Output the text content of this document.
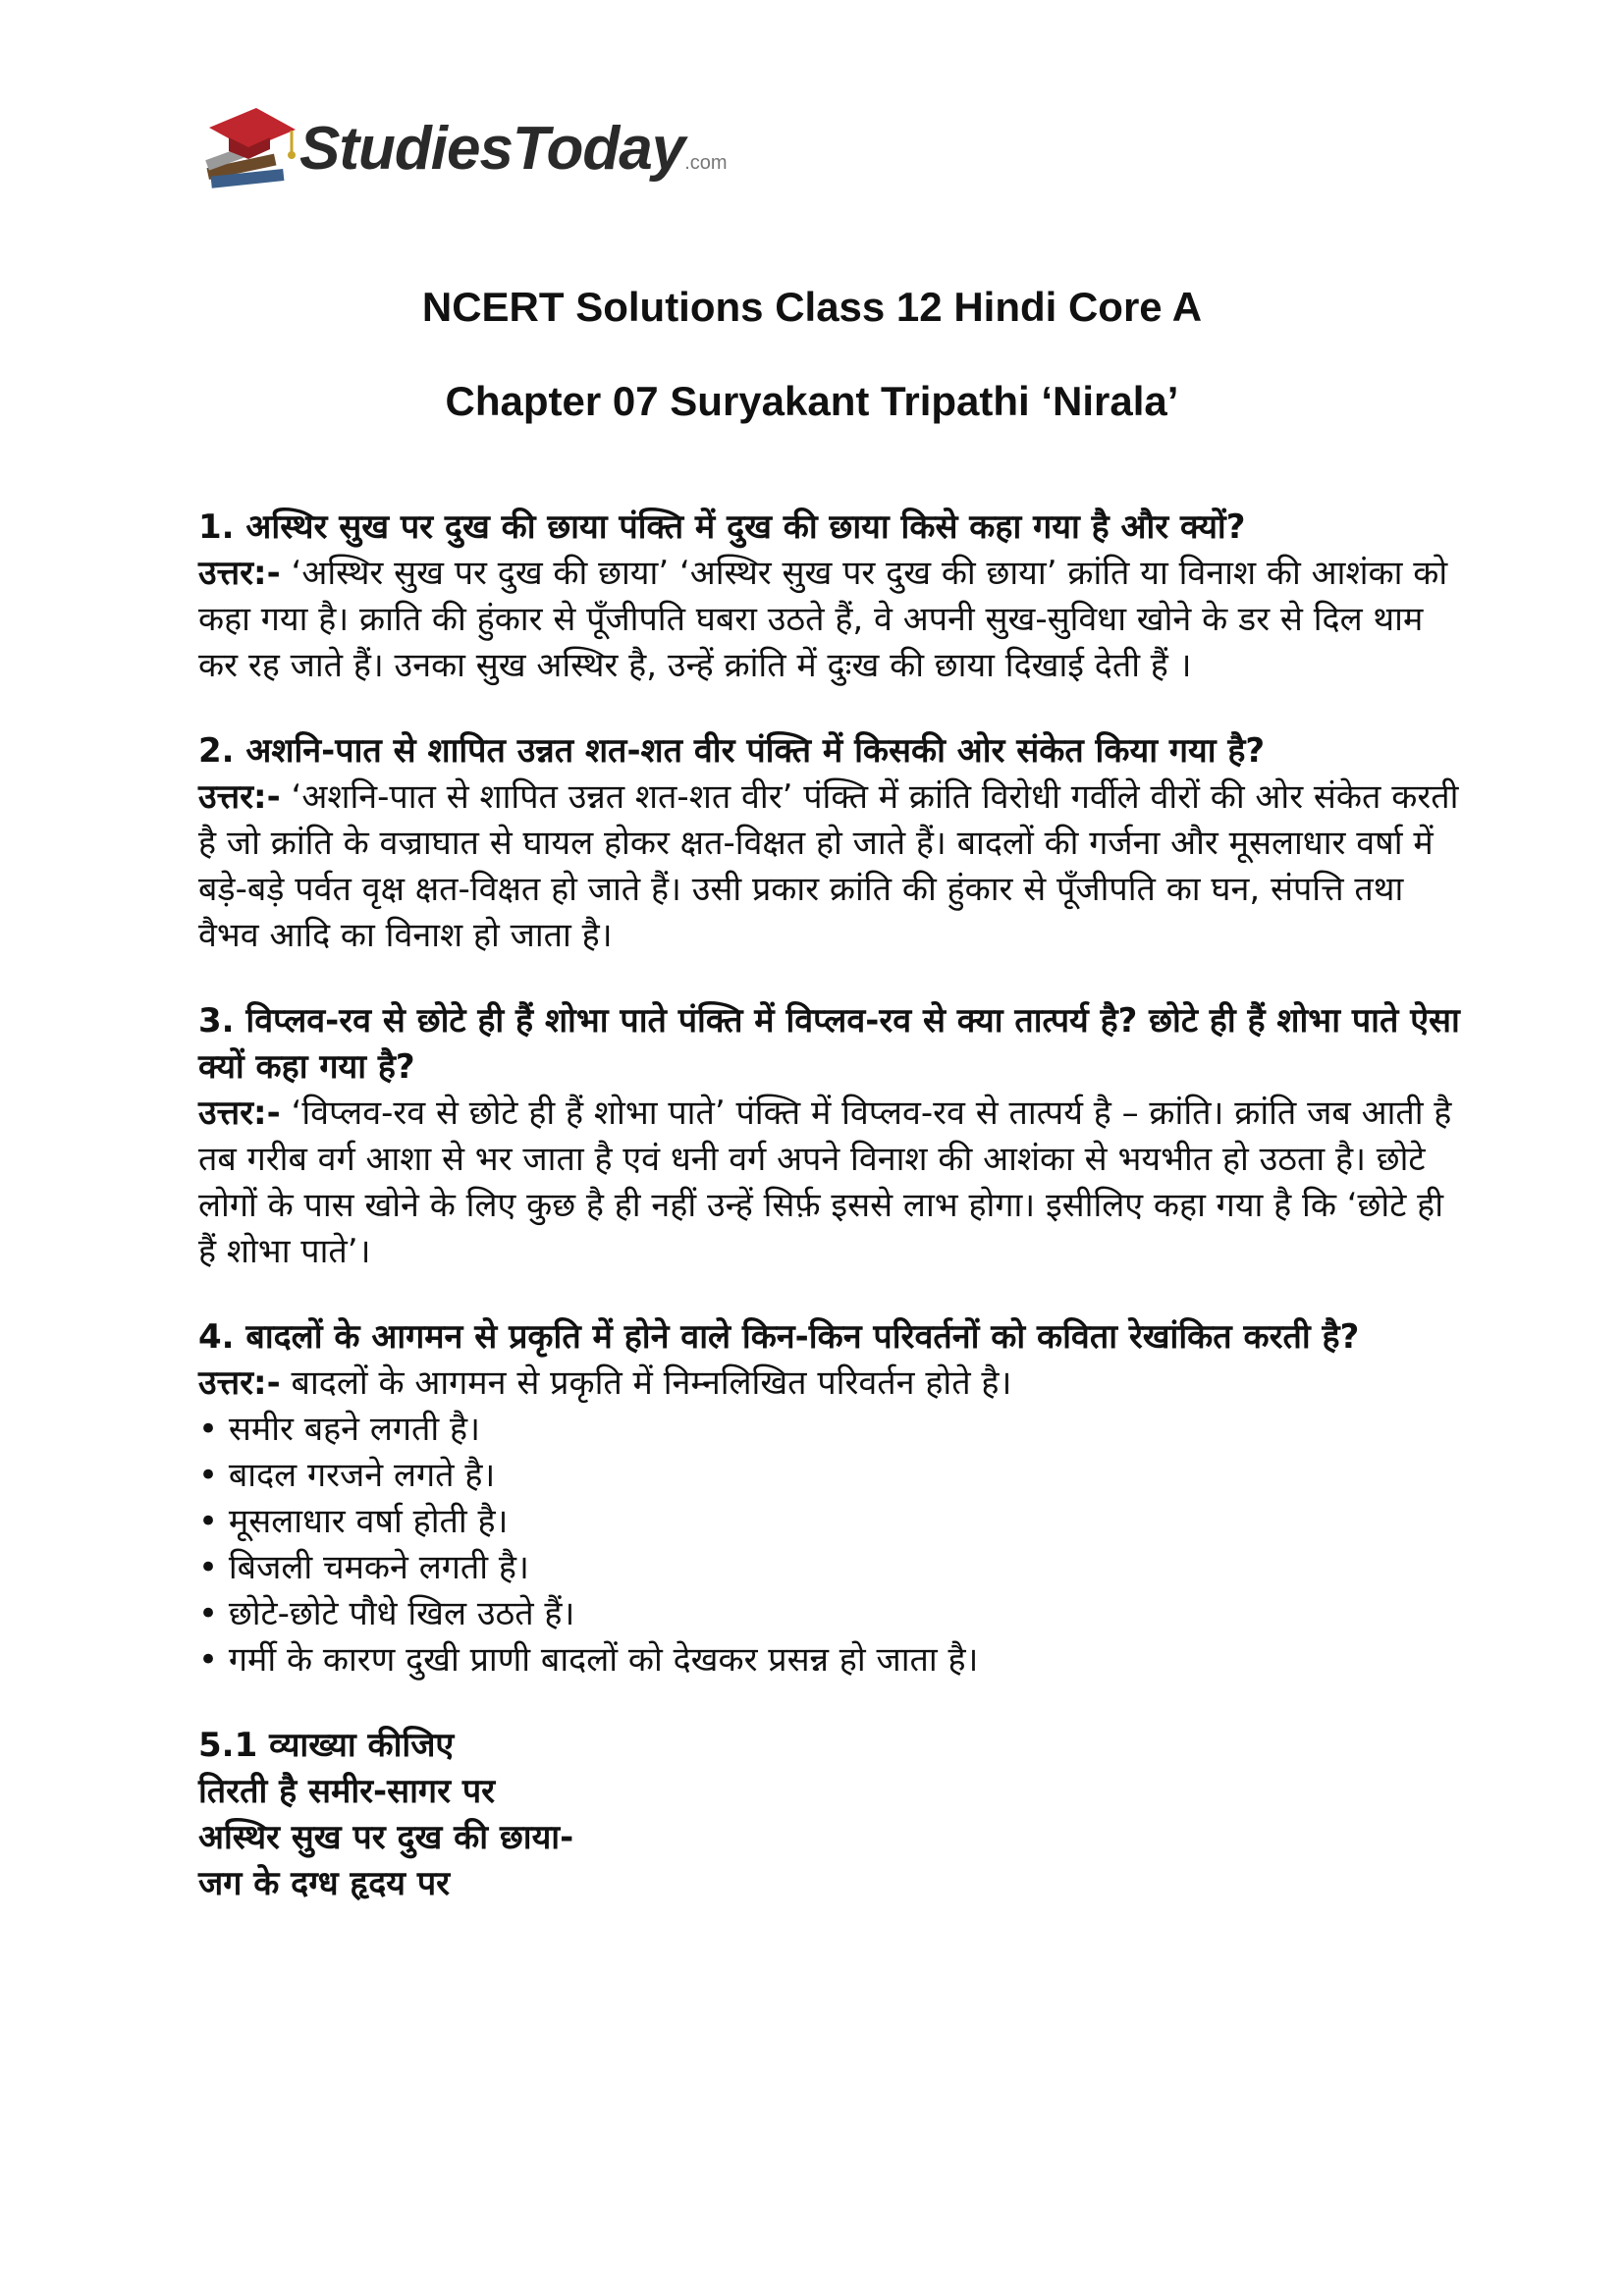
StudiesToday.com
NCERT Solutions Class 12 Hindi Core A
Chapter 07 Suryakant Tripathi ‘Nirala’
1. अस्थिर सुख पर दुख की छाया पंक्ति में दुख की छाया किसे कहा गया है और क्यों?
उत्तर:- ‘अस्थिर सुख पर दुख की छाया’ ‘अस्थिर सुख पर दुख की छाया’ क्रांति या विनाश की आशंका को कहा गया है। क्राति की हुंकार से पूँजीपति घबरा उठते हैं, वे अपनी सुख-सुविधा खोने के डर से दिल थाम कर रह जाते हैं। उनका सुख अस्थिर है, उन्हें क्रांति में दुःख की छाया दिखाई देती हैं ।
2. अशनि-पात से शापित उन्नत शत-शत वीर पंक्ति में किसकी ओर संकेत किया गया है?
उत्तर:- ‘अशनि-पात से शापित उन्नत शत-शत वीर’ पंक्ति में क्रांति विरोधी गर्वीले वीरों की ओर संकेत करती है जो क्रांति के वज्राघात से घायल होकर क्षत-विक्षत हो जाते हैं। बादलों की गर्जना और मूसलाधार वर्षा में बड़े-बड़े पर्वत वृक्ष क्षत-विक्षत हो जाते हैं। उसी प्रकार क्रांति की हुंकार से पूँजीपति का घन, संपत्ति तथा वैभव आदि का विनाश हो जाता है।
3. विप्लव-रव से छोटे ही हैं शोभा पाते पंक्ति में विप्लव-रव से क्या तात्पर्य है? छोटे ही हैं शोभा पाते ऐसा क्यों कहा गया है?
उत्तर:- ‘विप्लव-रव से छोटे ही हैं शोभा पाते’ पंक्ति में विप्लव-रव से तात्पर्य है – क्रांति। क्रांति जब आती है तब गरीब वर्ग आशा से भर जाता है एवं धनी वर्ग अपने विनाश की आशंका से भयभीत हो उठता है। छोटे लोगों के पास खोने के लिए कुछ है ही नहीं उन्हें सिर्फ़ इससे लाभ होगा। इसीलिए कहा गया है कि ‘छोटे ही हैं शोभा पाते’।
4. बादलों के आगमन से प्रकृति में होने वाले किन-किन परिवर्तनों को कविता रेखांकित करती है?
उत्तर:- बादलों के आगमन से प्रकृति में निम्नलिखित परिवर्तन होते है।
• समीर बहने लगती है।
• बादल गरजने लगते है।
• मूसलाधार वर्षा होती है।
• बिजली चमकने लगती है।
• छोटे-छोटे पौधे खिल उठते हैं।
• गर्मी के कारण दुखी प्राणी बादलों को देखकर प्रसन्न हो जाता है।
5.1 व्याख्या कीजिए
तिरती है समीर-सागर पर
अस्थिर सुख पर दुख की छाया-
जग के दग्ध हृदय पर
